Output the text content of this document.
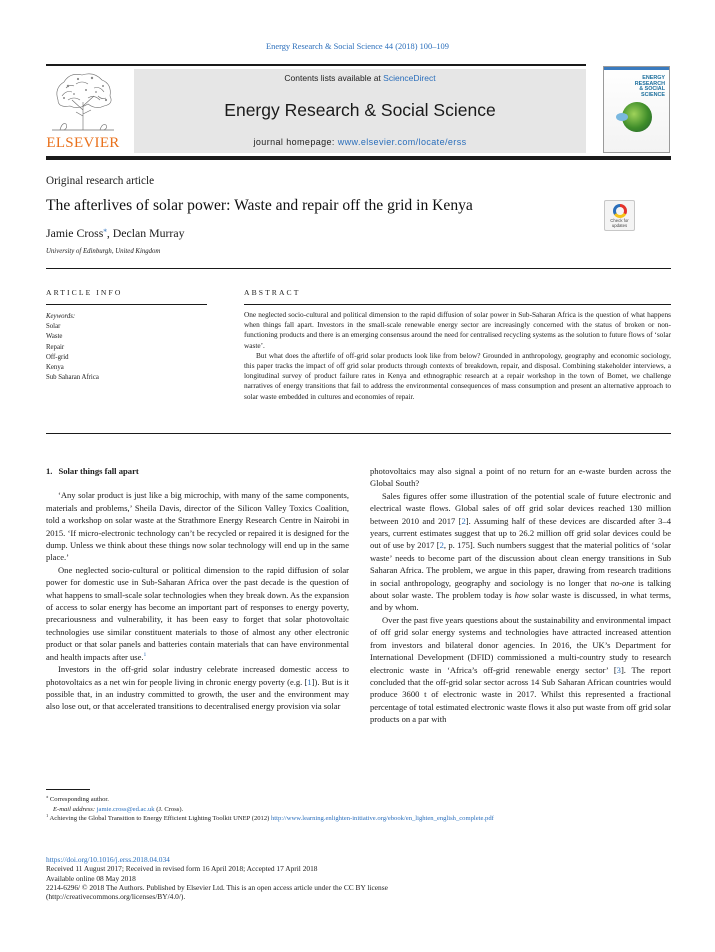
Energy Research & Social Science 44 (2018) 100–109
ELSEVIER
Contents lists available at ScienceDirect
Energy Research & Social Science
journal homepage: www.elsevier.com/locate/erss
ENERGY
RESEARCH
& SOCIAL
SCIENCE
Original research article
The afterlives of solar power: Waste and repair off the grid in Kenya
Check for updates
Jamie Cross⁎, Declan Murray
University of Edinburgh, United Kingdom
ARTICLE INFO	ABSTRACT
Keywords:
Solar
Waste
Repair
Off-grid
Kenya
Sub Saharan Africa

One neglected socio-cultural and political dimension to the rapid diffusion of solar power in Sub-Saharan Africa is the question of what happens when things fall apart. Investors in the small-scale renewable energy sector are increasingly concerned with the status of broken or non-functioning products and there is an emerging consensus around the need for centralised recycling systems as the solution to future flows of ‘solar waste’.

But what does the afterlife of off-grid solar products look like from below? Grounded in anthropology, geography and economic sociology, this paper tracks the impact of off grid solar products through contexts of breakdown, repair, and disposal. Combining stakeholder interviews, a longitudinal survey of product failure rates in Kenya and ethnographic research at a repair workshop in the town of Bomet, we challenge narratives of energy transitions that fail to address the environmental consequences of mass consumption and present an alternative approach to solar waste embedded in cultures and economies of repair.

1. Solar things fall apart

‘Any solar product is just like a big microchip, with many of the same components, materials and problems,’ Sheila Davis, director of the Silicon Valley Toxics Coalition, told a workshop on solar waste at the Strathmore Energy Research Centre in Nairobi in 2015. ‘If micro-electronic technology can’t be recycled or repaired it is designed for the dump. Unless we think about these things now solar technology will end up in the same place.’

One neglected socio-cultural or political dimension to the rapid diffusion of solar power for domestic use in Sub-Saharan Africa over the past decade is the question of what happens to small-scale solar technologies when they break down. As the expansion of access to solar energy has become an important part of responses to energy poverty, precariousness and vulnerability, it has been easy to forget that solar photovoltaic technologies use similar constituent materials to those of almost any other electronic product or that solar panels and batteries contain materials that can have environmental and health impacts after use.$^1$

Investors in the off-grid solar industry celebrate increased domestic access to photovoltaics as a net win for people living in chronic energy poverty (e.g. [1]). But is it possible that, in an industry committed to growth, the user and the environment may also lose out, or that accelerated transitions to decentralised energy provision via solar

photovoltaics may also signal a point of no return for an e-waste burden across the Global South?

Sales figures offer some illustration of the potential scale of future electronic and electrical waste flows. Global sales of off grid solar devices reached 130 million between 2010 and 2017 [2]. Assuming half of these devices are discarded after 3–4 years, current estimates suggest that up to 26.2 million off grid solar devices could be out of use by 2017 [2, p. 175]. Such numbers suggest that the material politics of ‘solar waste’ needs to become part of the discussion about clean energy transitions in Sub Saharan Africa. The problem, we argue in this paper, drawing from research traditions in social anthropology, geography and sociology is no longer that no-one is talking about solar waste. The problem today is how solar waste is discussed, in what terms, and by whom.

Over the past five years questions about the sustainability and environmental impact of off grid solar energy systems and technologies have attracted increased attention from investors and bilateral donor agencies. In 2016, the UK’s Department for International Development (DFID) commissioned a multi-country study to research electronic waste in ‘Africa’s off-grid renewable energy sector’ [3]. The report concluded that the off-grid solar sector across 14 Sub Saharan African countries would produce 3600 t of electronic waste in 2017. Whilst this represented a fractional percentage of total estimated electronic waste flows it also put waste from off grid solar products on a par with

⁎ Corresponding author.
E-mail address: jamie.cross@ed.ac.uk (J. Cross).
$^1$ Achieving the Global Transition to Energy Efficient Lighting Toolkit UNEP (2012) http://www.learning.enlighten-initiative.org/ebook/en_lighten_english_complete.pdf
https://doi.org/10.1016/j.erss.2018.04.034
Received 11 August 2017; Received in revised form 16 April 2018; Accepted 17 April 2018
Available online 08 May 2018
2214-6296/ © 2018 The Authors. Published by Elsevier Ltd. This is an open access article under the CC BY license
(http://creativecommons.org/licenses/BY/4.0/).
